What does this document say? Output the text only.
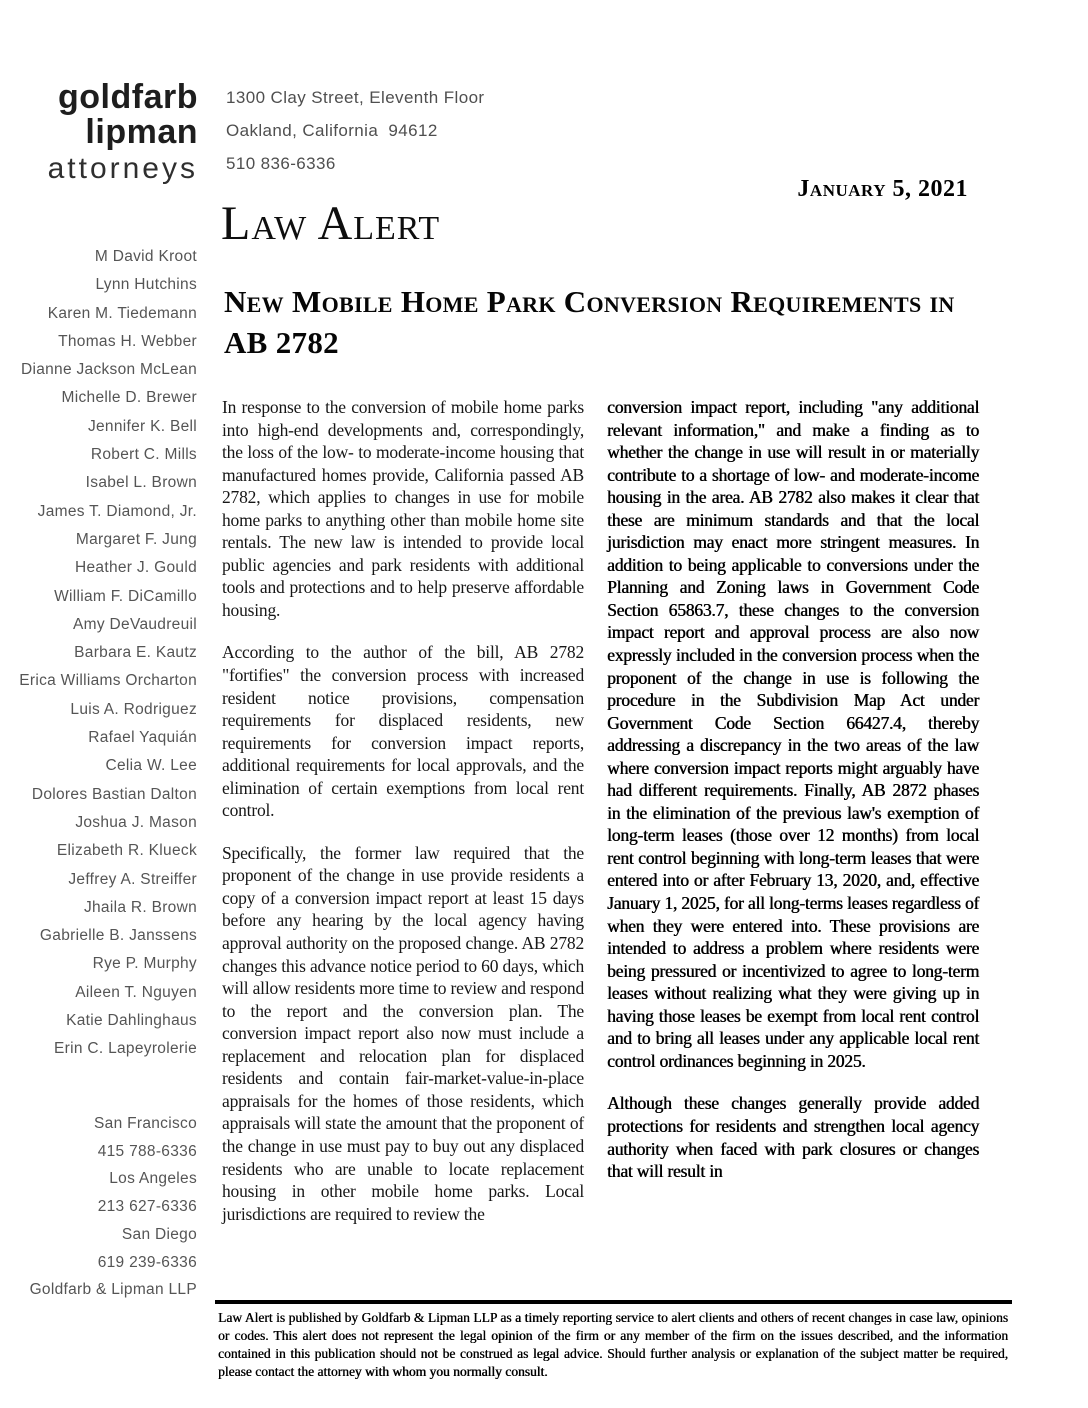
goldfarb
lipman
attorneys
1300 Clay Street, Eleventh Floor
Oakland, California  94612
510 836-6336
January 5, 2021
Law Alert
New Mobile Home Park Conversion Requirements in AB 2782
M David Kroot
Lynn Hutchins
Karen M. Tiedemann
Thomas H. Webber
Dianne Jackson McLean
Michelle D. Brewer
Jennifer K. Bell
Robert C. Mills
Isabel L. Brown
James T. Diamond, Jr.
Margaret F. Jung
Heather J. Gould
William F. DiCamillo
Amy DeVaudreuil
Barbara E. Kautz
Erica Williams Orcharton
Luis A. Rodriguez
Rafael Yaquián
Celia W. Lee
Dolores Bastian Dalton
Joshua J. Mason
Elizabeth R. Klueck
Jeffrey A. Streiffer
Jhaila R. Brown
Gabrielle B. Janssens
Rye P. Murphy
Aileen T. Nguyen
Katie Dahlinghaus
Erin C. Lapeyrolerie
San Francisco
415 788-6336
Los Angeles
213 627-6336
San Diego
619 239-6336
Goldfarb & Lipman LLP

In response to the conversion of mobile home parks into high-end developments and, correspondingly, the loss of the low- to moderate-income housing that manufactured homes provide, California passed AB 2782, which applies to changes in use for mobile home parks to anything other than mobile home site rentals. The new law is intended to provide local public agencies and park residents with additional tools and protections and to help preserve affordable housing.

According to the author of the bill, AB 2782 "fortifies" the conversion process with increased resident notice provisions, compensation requirements for displaced residents, new requirements for conversion impact reports, additional requirements for local approvals, and the elimination of certain exemptions from local rent control.

Specifically, the former law required that the proponent of the change in use provide residents a copy of a conversion impact report at least 15 days before any hearing by the local agency having approval authority on the proposed change. AB 2782 changes this advance notice period to 60 days, which will allow residents more time to review and respond to the report and the conversion plan. The conversion impact report also now must include a replacement and relocation plan for displaced residents and contain fair-market-value-in-place appraisals for the homes of those residents, which appraisals will state the amount that the proponent of the change in use must pay to buy out any displaced residents who are unable to locate replacement housing in other mobile home parks. Local jurisdictions are required to review the

conversion impact report, including "any additional relevant information," and make a finding as to whether the change in use will result in or materially contribute to a shortage of low- and moderate-income housing in the area. AB 2782 also makes it clear that these are minimum standards and that the local jurisdiction may enact more stringent measures. In addition to being applicable to conversions under the Planning and Zoning laws in Government Code Section 65863.7, these changes to the conversion impact report and approval process are also now expressly included in the conversion process when the proponent of the change in use is following the procedure in the Subdivision Map Act under Government Code Section 66427.4, thereby addressing a discrepancy in the two areas of the law where conversion impact reports might arguably have had different requirements. Finally, AB 2872 phases in the elimination of the previous law's exemption of long-term leases (those over 12 months) from local rent control beginning with long-term leases that were entered into or after February 13, 2020, and, effective January 1, 2025, for all long-terms leases regardless of when they were entered into. These provisions are intended to address a problem where residents were being pressured or incentivized to agree to long-term leases without realizing what they were giving up in having those leases be exempt from local rent control and to bring all leases under any applicable local rent control ordinances beginning in 2025.

Although these changes generally provide added protections for residents and strengthen local agency authority when faced with park closures or changes that will result in

Law Alert is published by Goldfarb & Lipman LLP as a timely reporting service to alert clients and others of recent changes in case law, opinions or codes. This alert does not represent the legal opinion of the firm or any member of the firm on the issues described, and the information contained in this publication should not be construed as legal advice. Should further analysis or explanation of the subject matter be required, please contact the attorney with whom you normally consult.
